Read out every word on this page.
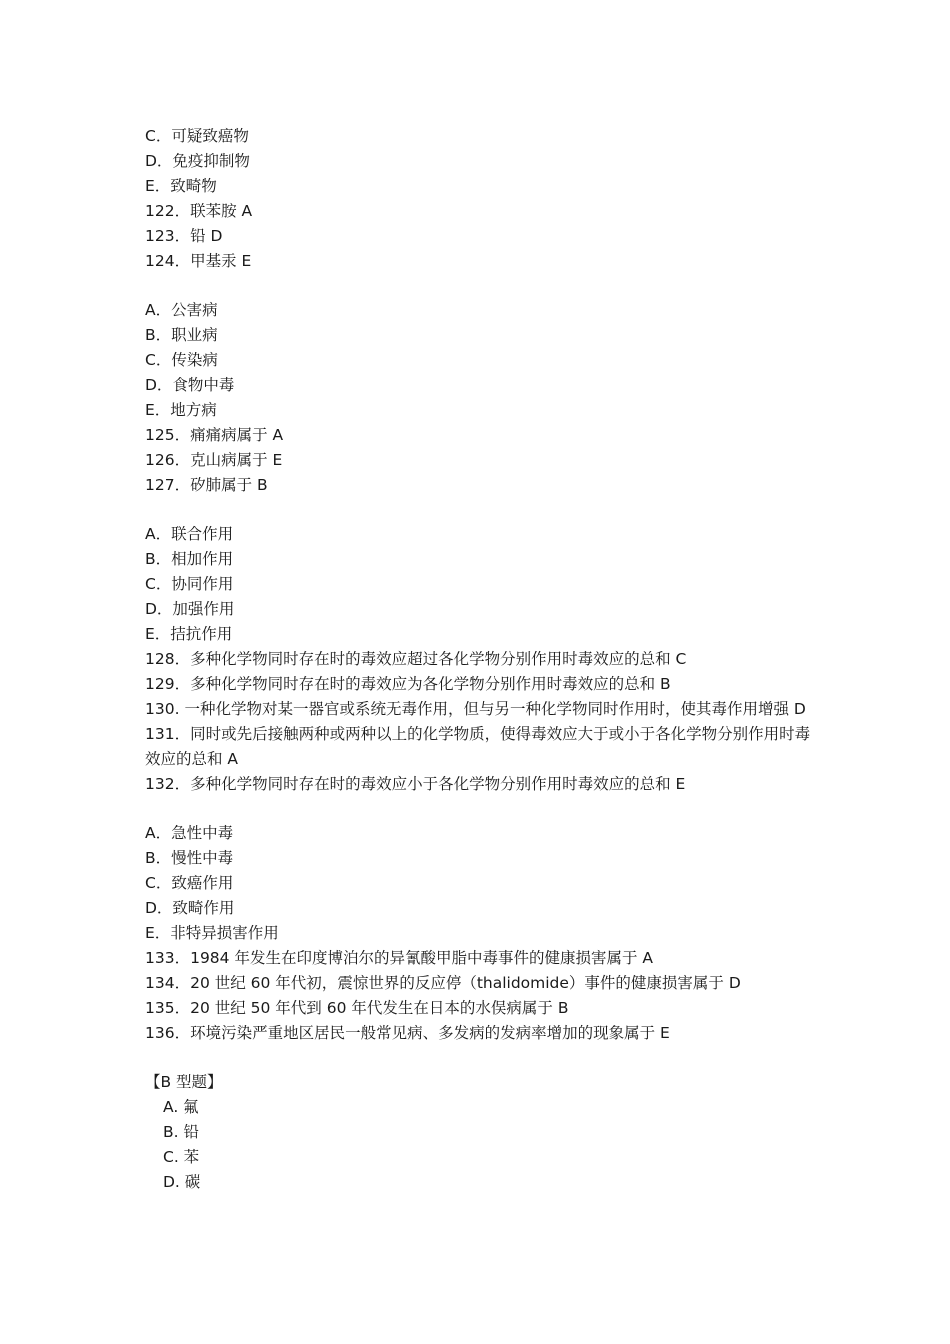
C．可疑致癌物
D．免疫抑制物
E．致畸物
122．联苯胺 A
123．铅 D
124．甲基汞 E
A．公害病
B．职业病
C．传染病
D．食物中毒
E．地方病
125．痛痛病属于 A
126．克山病属于 E
127．矽肺属于 B
A．联合作用
B．相加作用
C．协同作用
D．加强作用
E．拮抗作用
128．多种化学物同时存在时的毒效应超过各化学物分别作用时毒效应的总和 C
129．多种化学物同时存在时的毒效应为各化学物分别作用时毒效应的总和 B
130. 一种化学物对某一器官或系统无毒作用，但与另一种化学物同时作用时，使其毒作用增强 D
131．同时或先后接触两种或两种以上的化学物质，使得毒效应大于或小于各化学物分别作用时毒效应的总和 A
132．多种化学物同时存在时的毒效应小于各化学物分别作用时毒效应的总和 E
A．急性中毒
B．慢性中毒
C．致癌作用
D．致畸作用
E．非特异损害作用
133．1984 年发生在印度博泊尔的异氰酸甲脂中毒事件的健康损害属于 A
134．20 世纪 60 年代初，震惊世界的反应停（thalidomide）事件的健康损害属于 D
135．20 世纪 50 年代到 60 年代发生在日本的水俣病属于 B
136．环境污染严重地区居民一般常见病、多发病的发病率增加的现象属于 E
【B 型题】
A. 氟
B. 铅
C. 苯
D. 碳
